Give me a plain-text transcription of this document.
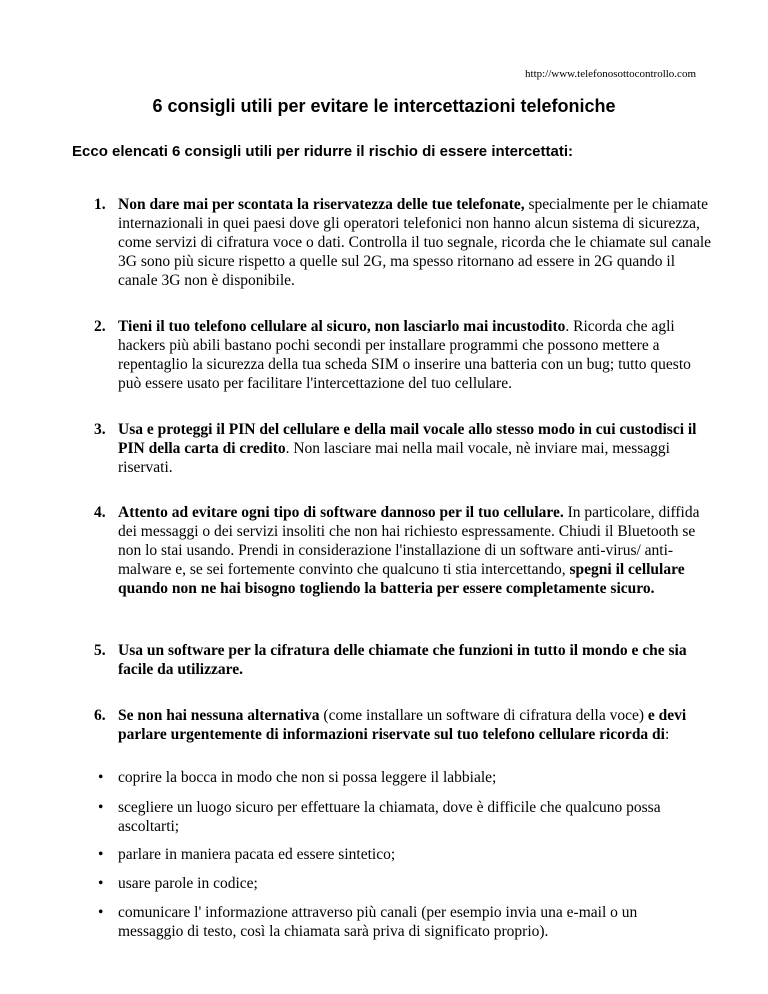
http://www.telefonosottocontrollo.com
6 consigli utili per evitare le intercettazioni telefoniche
Ecco elencati 6 consigli utili per ridurre il rischio di essere intercettati:
1. Non dare mai per scontata la riservatezza delle tue telefonate, specialmente per le chiamate internazionali in quei paesi dove gli operatori telefonici non hanno alcun sistema di sicurezza, come servizi di cifratura voce o dati. Controlla il tuo segnale, ricorda che le chiamate sul canale 3G sono più sicure rispetto a quelle sul 2G, ma spesso ritornano ad essere in 2G quando il canale 3G non è disponibile.
2. Tieni il tuo telefono cellulare al sicuro, non lasciarlo mai incustodito. Ricorda che agli hackers più abili bastano pochi secondi per installare programmi che possono mettere a repentaglio la sicurezza della tua scheda SIM o inserire una batteria con un bug; tutto questo può essere usato per facilitare l'intercettazione del tuo cellulare.
3. Usa e proteggi il PIN del cellulare e della mail vocale allo stesso modo in cui custodisci il PIN della carta di credito. Non lasciare mai nella mail vocale, nè inviare mai, messaggi riservati.
4. Attento ad evitare ogni tipo di software dannoso per il tuo cellulare. In particolare, diffida dei messaggi o dei servizi insoliti che non hai richiesto espressamente. Chiudi il Bluetooth se non lo stai usando. Prendi in considerazione l'installazione di un software anti-virus/ anti-malware e, se sei fortemente convinto che qualcuno ti stia intercettando, spegni il cellulare quando non ne hai bisogno togliendo la batteria per essere completamente sicuro.
5. Usa un software per la cifratura delle chiamate che funzioni in tutto il mondo e che sia facile da utilizzare.
6. Se non hai nessuna alternativa (come installare un software di cifratura della voce) e devi parlare urgentemente di informazioni riservate sul tuo telefono cellulare ricorda di:
• coprire la bocca in modo che non si possa leggere il labbiale;
• scegliere un luogo sicuro per effettuare la chiamata, dove è difficile che qualcuno possa ascoltarti;
• parlare in maniera pacata ed essere sintetico;
• usare parole in codice;
• comunicare l' informazione attraverso più canali (per esempio invia una e-mail o un messaggio di testo, così la chiamata sarà priva di significato proprio).
